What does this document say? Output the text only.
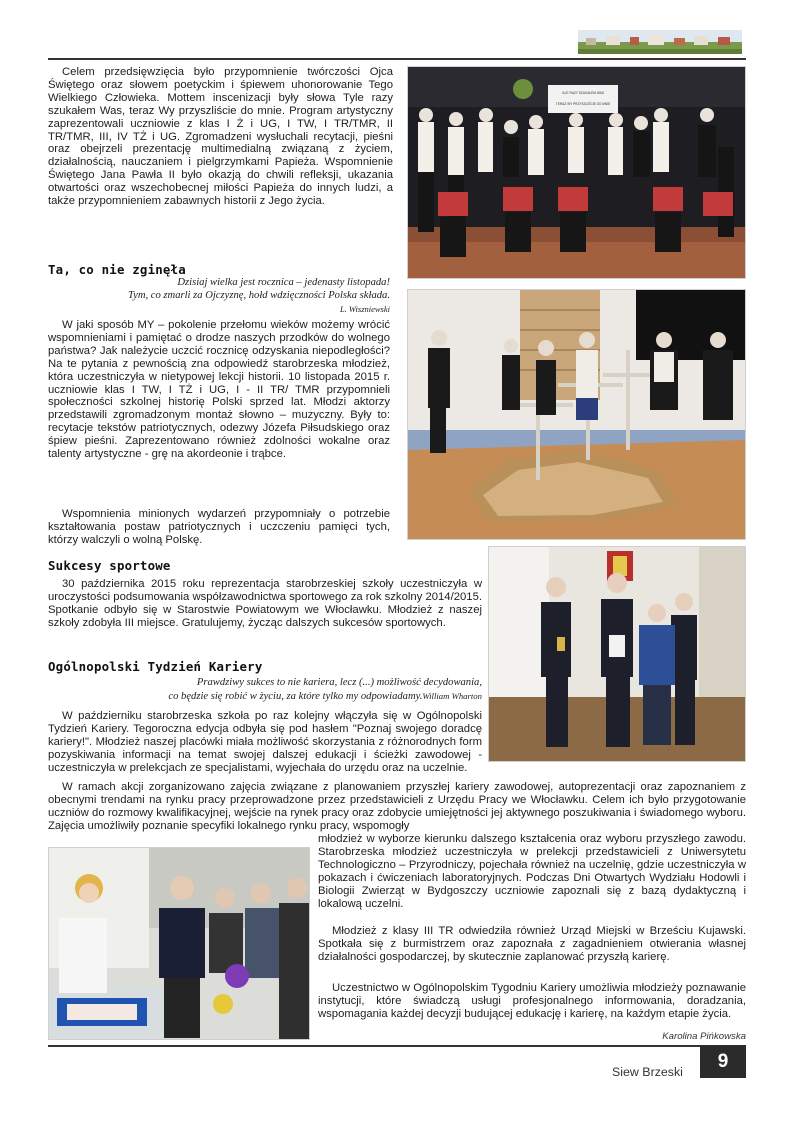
Celem przedsięwzięcia było przypomnienie twórczości Ojca Świętego oraz słowem poetyckim i śpiewem uhonorowanie Tego Wielkiego Człowieka. Mottem inscenizacji były słowa Tyle razy szukałem Was, teraz Wy przyszliście do mnie. Program artystyczny zaprezentowali uczniowie z klas I Ż i UG, I TW, I TR/TMR, II TR/TMR, III, IV TŻ i UG. Zgromadzeni wysłuchali recytacji, pieśni oraz obejrzeli prezentację multimedialną związaną z życiem, działalnością, nauczaniem i pielgrzymkami Papieża. Wspomnienie Świętego Jana Pawła II było okazją do chwili refleksji, ukazania otwartości oraz wszechobecnej miłości Papieża do innych ludzi, a także przypomnieniem zabawnych historii z Jego życia.
ILLE RAZY SZUKAŁEM WAS
TERAZ WY PRZYSZLIŚCIE DO MNIE
Ta, co nie zginęła
Dzisiaj wielka jest rocznica – jedenasty listopada!
Tym, co zmarli za Ojczyznę, hołd wdzięczności Polska składa.
L. Wiszniewski
W jaki sposób MY – pokolenie przełomu wieków możemy wrócić wspomnieniami i pamiętać o drodze naszych przodków do wolnego państwa? Jak należycie uczcić rocznicę odzyskania niepodległości? Na te pytania z pewnością zna odpowiedź starobrzeska młodzież, która uczestniczyła w nietypowej lekcji historii. 10 listopada 2015 r. uczniowie klas I TW, I TŻ i UG, I - II TR/ TMR przypomnieli społeczności szkolnej historię Polski sprzed lat. Młodzi aktorzy przedstawili zgromadzonym montaż słowno – muzyczny. Były to: recytacje tekstów patriotycznych, odezwy Józefa Piłsudskiego oraz śpiew pieśni. Zaprezentowano również zdolności wokalne oraz talenty artystyczne - grę na akordeonie i trąbce.
Wspomnienia minionych wydarzeń przypomniały o potrzebie kształtowania postaw patriotycznych i uczczeniu pamięci tych, którzy walczyli o wolną Polskę.
Sukcesy sportowe
30 października 2015 roku reprezentacja starobrzeskiej szkoły uczestniczyła w uroczystości podsumowania współzawodnictwa sportowego za rok szkolny 2014/2015. Spotkanie odbyło się w Starostwie Powiatowym we Włocławku. Młodzież z naszej szkoły zdobyła III miejsce. Gratulujemy, życząc dalszych sukcesów sportowych.
Ogólnopolski Tydzień Kariery
Prawdziwy sukces to nie kariera, lecz (...) możliwość decydowania,
co będzie się robić w życiu, za które tylko my odpowiadamy.William Wharton
W październiku starobrzeska szkoła po raz kolejny włączyła się w Ogólnopolski Tydzień Kariery. Tegoroczna edycja odbyła się pod hasłem "Poznaj swojego doradcę kariery!". Młodzież naszej placówki miała możliwość skorzystania z różnorodnych form pozyskiwania informacji na temat swojej dalszej edukacji i ścieżki zawodowej - uczestniczyła w prelekcjach ze specjalistami, wyjechała do urzędu oraz na uczelnie.
W ramach akcji zorganizowano zajęcia związane z planowaniem przyszłej kariery zawodowej, autoprezentacji oraz zapoznaniem z obecnymi trendami na rynku pracy przeprowadzone przez przedstawicieli z Urzędu Pracy we Włocławku. Celem ich było przygotowanie uczniów do rozmowy kwalifikacyjnej, wejście na rynek pracy oraz zdobycie umiejętności jej aktywnego poszukiwania i świadomego wyboru. Zajęcia umożliwiły poznanie specyfiki lokalnego rynku pracy, wspomogły
młodzież w wyborze kierunku dalszego kształcenia oraz wyboru przyszłego zawodu. Starobrzeska młodzież uczestniczyła w prelekcji przedstawicieli z Uniwersytetu Technologiczno – Przyrodniczy, pojechała również na uczelnię, gdzie uczestniczyła w pokazach i ćwiczeniach laboratoryjnych. Podczas Dni Otwartych Wydziału Hodowli i Biologii Zwierząt w Bydgoszczy uczniowie zapoznali się z bazą dydaktyczną i lokalową uczelni.
Młodzież z klasy III TR odwiedziła również Urząd Miejski w Brześciu Kujawski. Spotkała się z burmistrzem oraz zapoznała z zagadnieniem otwierania własnej działalności gospodarczej, by skutecznie zaplanować przyszłą karierę.
Uczestnictwo w Ogólnopolskim Tygodniu Kariery umożliwia młodzieży poznawanie instytucji, które świadczą usługi profesjonalnego informowania, doradzania, wspomagania każdej decyzji budującej edukację i karierę, na każdym etapie życia.
Karolina Pińkowska
Siew Brzeski	9
